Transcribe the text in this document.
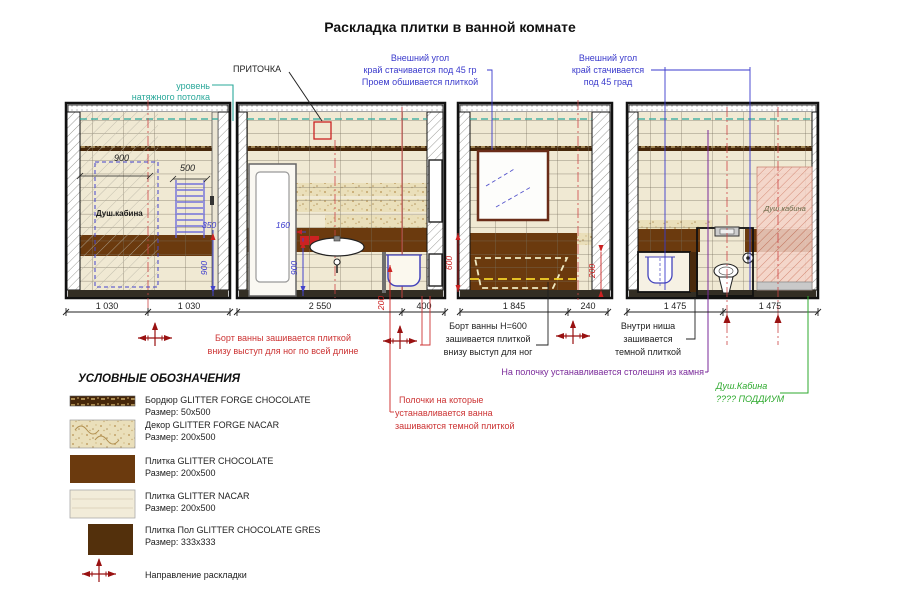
Раскладка плитки в ванной комнате
Душ.кабина
900
500
350
900
1 030	1 030
160
900
200
2 550	400
600
200
1 845	240
Душ.кабина
1 475	1 475
уровень
натяжного потолка
ПРИТОЧКА
Внешний угол
край стачивается под 45 гр
Проем обшивается плиткой
Внешний угол
край стачивается
под 45 град
Борт ванны зашивается плиткой
внизу выступ для ног по всей длине
Борт ванны H=600
зашивается плиткой
внизу выступ для ног
Внутри ниша
зашивается
темной плиткой
На полочку устанавливается столешня из камня
Полочки на которые
устанавливается ванна
зашиваются темной плиткой
Душ.Кабина
???? ПОДДИУМ
УСЛОВНЫЕ ОБОЗНАЧЕНИЯ
Бордюр GLITTER FORGE CHOCOLATE
Размер: 50х500
Декор GLITTER FORGE NACAR
Размер: 200х500
Плитка GLITTER CHOCOLATE
Размер: 200х500
Плитка GLITTER NACAR
Размер: 200х500
Плитка Пол GLITTER CHOCOLATE GRES
Размер: 333х333
Направление раскладки
